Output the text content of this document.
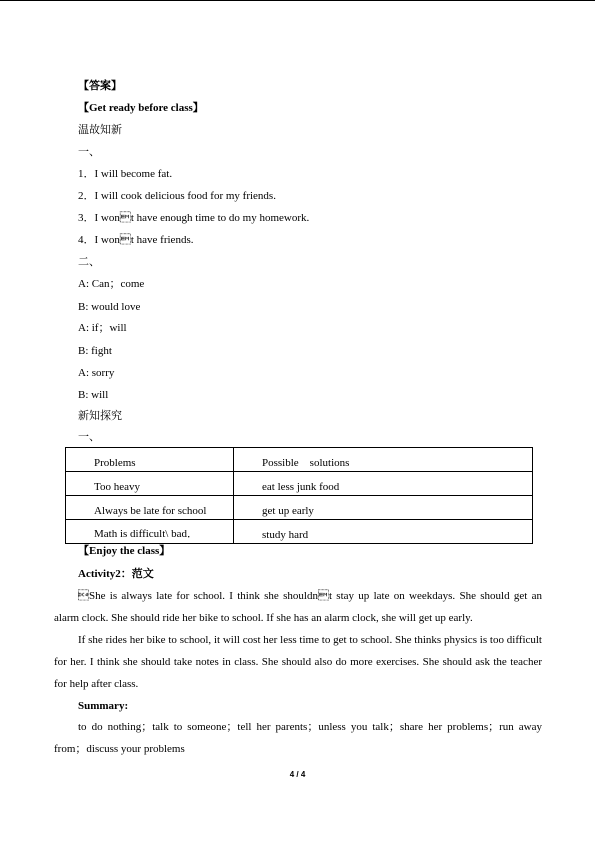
【答案】
【Get ready before class】
温故知新
一、
1．I will become fat.
2．I will cook delicious food for my friends.
3．I wont have enough time to do my homework.
4．I wont have friends.
二、
A: Can；come
B: would love
A: if；will
B: fight
A: sorry
B: will
新知探究
一、
Problems	Possible    solutions
Too heavy	eat less junk food
Always be late for school	get up early
Math is difficult\ bad．	study hard
【Enjoy the class】
Activity2：范文
She is always late for school. I think she shouldnt stay up late on weekdays. She should get an alarm clock. She should ride her bike to school. If she has an alarm clock, she will get up early.
If she rides her bike to school, it will cost her less time to get to school. She thinks physics is too difficult for her. I think she should take notes in class. She should also do more exercises. She should ask the teacher for help after class.
Summary:
to do nothing；talk to someone；tell her parents；unless you talk；share her problems；run away from；discuss your problems
4 / 4
